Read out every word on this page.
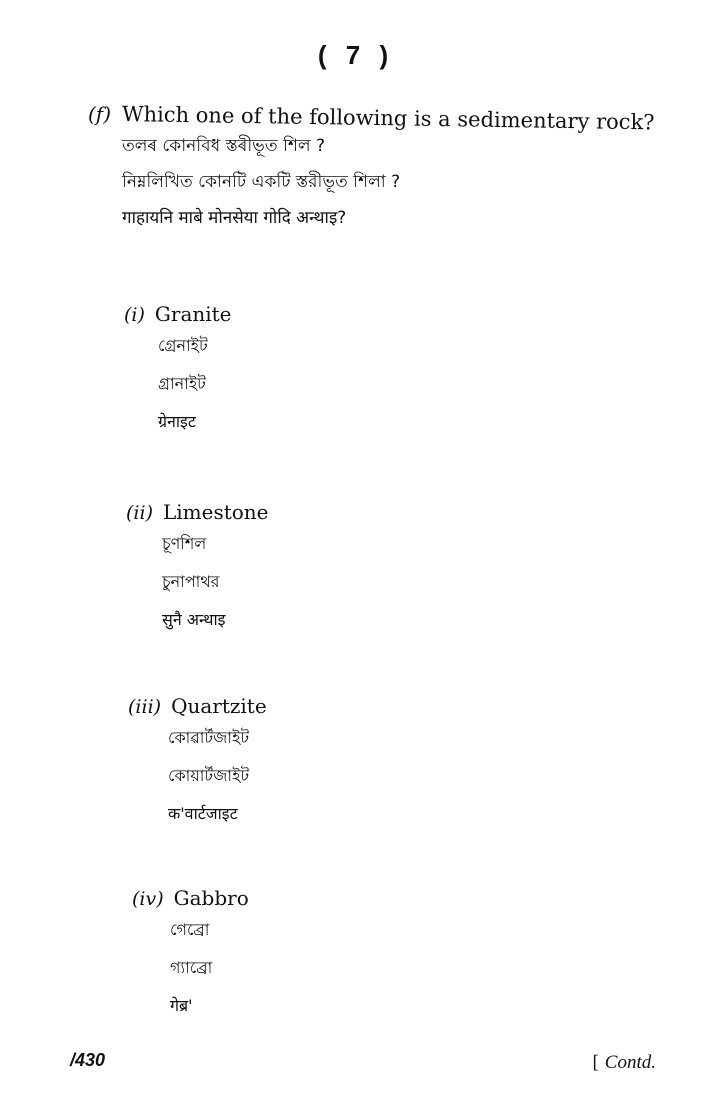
( 7 )
(f) Which one of the following is a sedimentary rock?
তলৰ কোনবিধ স্তৰীভূত শিল ?
নিম্নলিখিত কোনটি একটি স্তরীভূত শিলা ?
गाहायनि माबे मोनसेया गोदि अन्थाइ?
(i) Granite
গ্ৰেনাইট
গ্রানাইট
ग्रेनाइट
(ii) Limestone
চূণশিল
চুনাপাথর
सुनै अन्थाइ
(iii) Quartzite
কোৱাৰ্টজাইট
কোয়ার্টজাইট
क'वार्टजाइट
(iv) Gabbro
গেব্ৰো
গ্যাব্রো
गेब्र'
/430	[ Contd.
